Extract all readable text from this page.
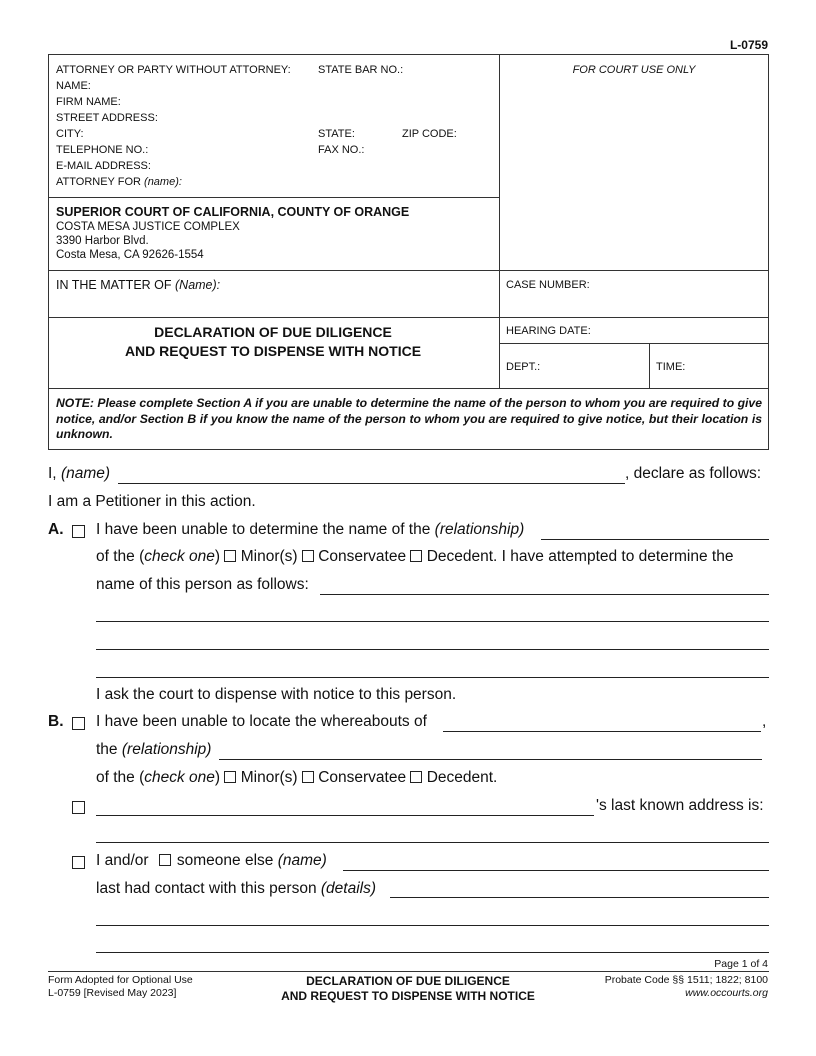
L-0759
ATTORNEY OR PARTY WITHOUT ATTORNEY: STATE BAR NO.:
NAME:
FIRM NAME:
STREET ADDRESS:
CITY:	STATE:	ZIP CODE:
TELEPHONE NO.:	FAX NO.:
E-MAIL ADDRESS:
ATTORNEY FOR (name):
FOR COURT USE ONLY
SUPERIOR COURT OF CALIFORNIA, COUNTY OF ORANGE
COSTA MESA JUSTICE COMPLEX
3390 Harbor Blvd.
Costa Mesa, CA 92626-1554
IN THE MATTER OF (Name):	CASE NUMBER:
DECLARATION OF DUE DILIGENCE
AND REQUEST TO DISPENSE WITH NOTICE
HEARING DATE:
DEPT.:	TIME:
NOTE: Please complete Section A if you are unable to determine the name of the person to whom you are required to give notice, and/or Section B if you know the name of the person to whom you are required to give notice, but their location is unknown.
I, (name)	, declare as follows:
I am a Petitioner in this action.
A. I have been unable to determine the name of the (relationship)
of the (check one) Minor(s) Conservatee Decedent. I have attempted to determine the
name of this person as follows:
I ask the court to dispense with notice to this person.
B. I have been unable to locate the whereabouts of	,
the (relationship)
of the (check one) Minor(s) Conservatee Decedent.
's last known address is:
I and/or someone else (name)
last had contact with this person (details)
Page 1 of 4
Form Adopted for Optional Use
L-0759 [Revised May 2023]
DECLARATION OF DUE DILIGENCE
AND REQUEST TO DISPENSE WITH NOTICE
Probate Code §§ 1511; 1822; 8100
www.occourts.org
